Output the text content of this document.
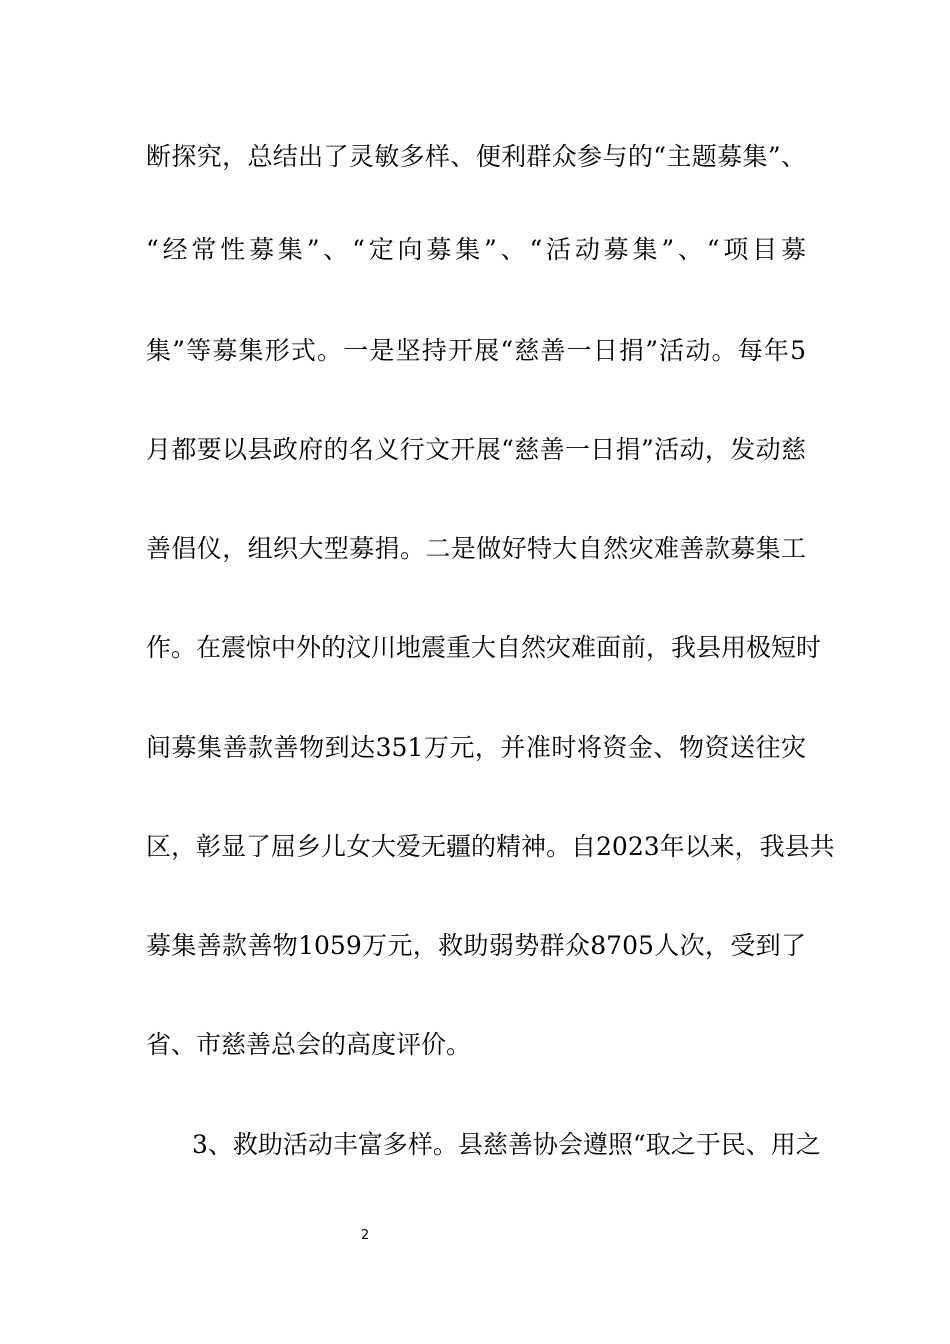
断探究，总结出了灵敏多样、便利群众参与的“主题募集”、
“经常性募集”、“定向募集”、“活动募集”、“项目募
集”等募集形式。一是坚持开展“慈善一日捐”活动。每年5
月都要以县政府的名义行文开展“慈善一日捐”活动，发动慈
善倡仪，组织大型募捐。二是做好特大自然灾难善款募集工
作。在震惊中外的汶川地震重大自然灾难面前，我县用极短时
间募集善款善物到达351万元，并准时将资金、物资送往灾
区，彰显了屈乡儿女大爱无疆的精神。自2023年以来，我县共
募集善款善物1059万元，救助弱势群众8705人次，受到了
省、市慈善总会的高度评价。
3、救助活动丰富多样。县慈善协会遵照“取之于民、用之
2
